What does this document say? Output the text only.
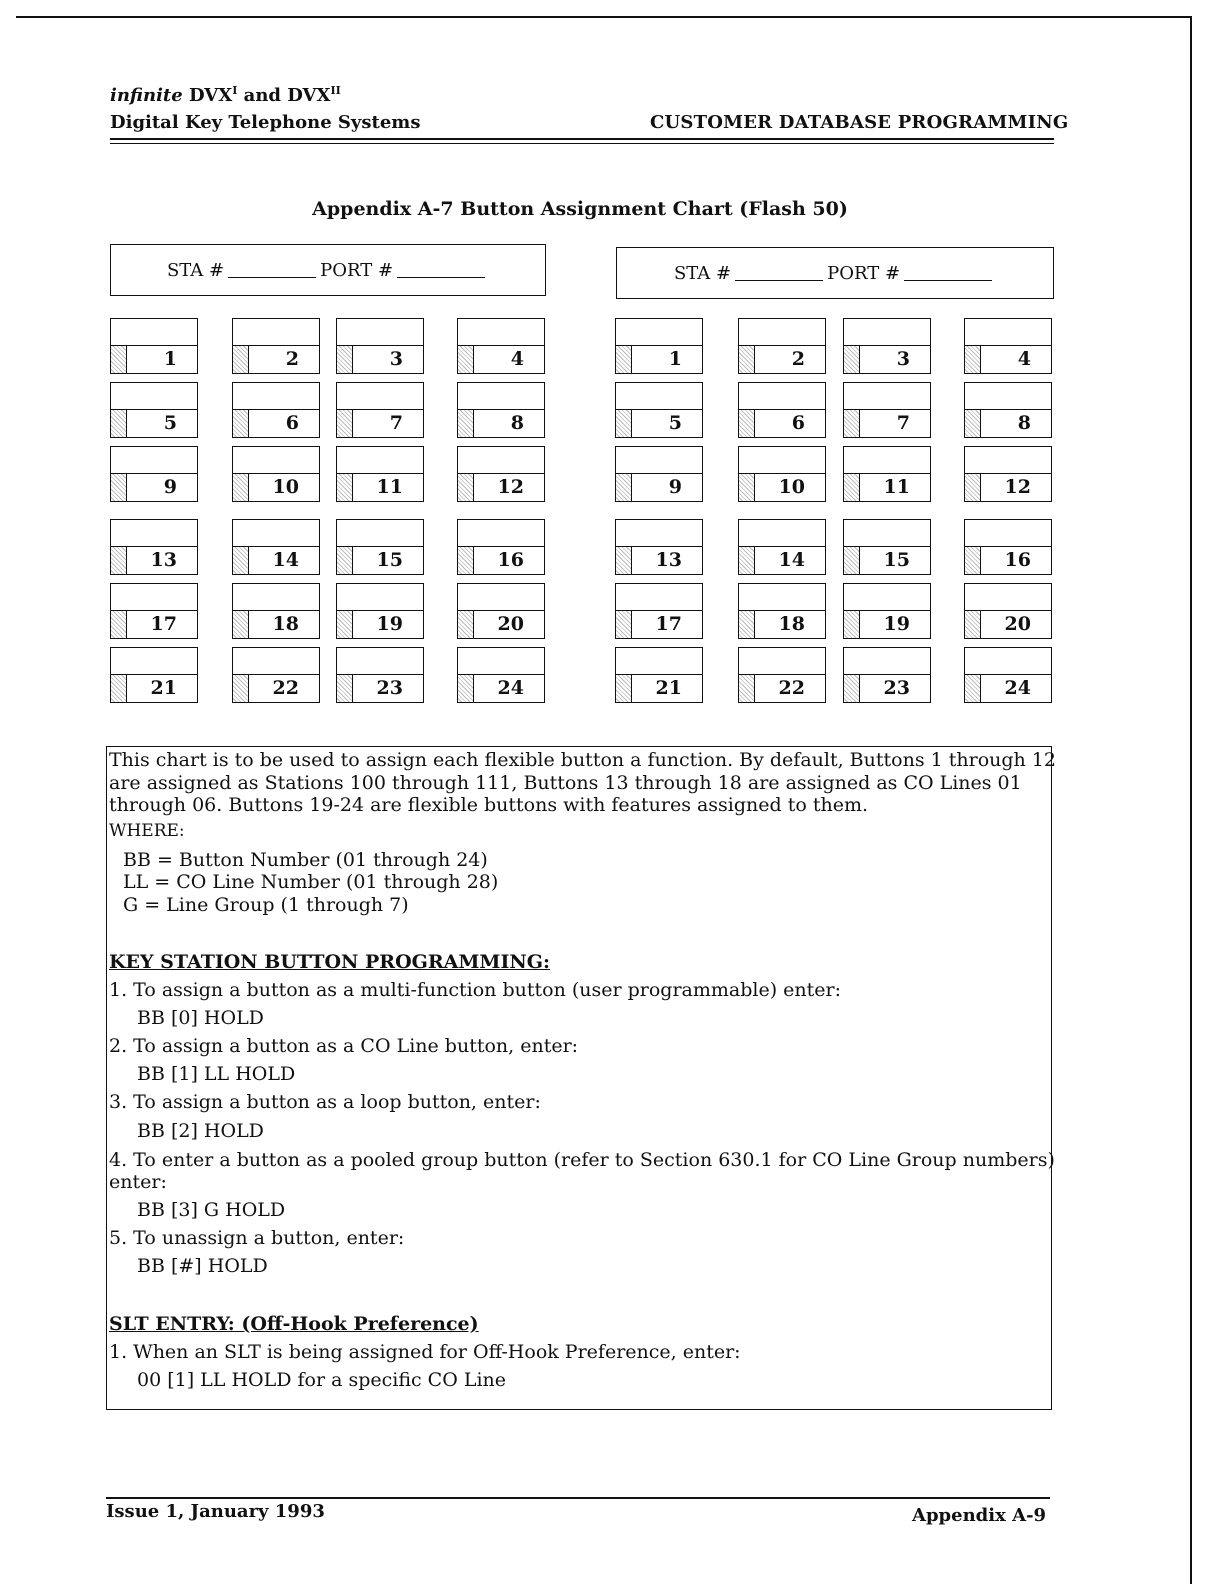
infinite $DVX^I$ and $DVX^{II}$
Digital Key Telephone Systems	CUSTOMER DATABASE PROGRAMMING
Appendix A-7 Button Assignment Chart (Flash 50)
STA #	PORT #	STA #	PORT #
1	2	3	4
5	6	7	8
9	10	11	12
13	14	15	16
17	18	19	20
21	22	23	24
1	2	3	4
5	6	7	8
9	10	11	12
13	14	15	16
17	18	19	20
21	22	23	24
This chart is to be used to assign each flexible button a function. By default, Buttons 1 through 12
are assigned as Stations 100 through 111, Buttons 13 through 18 are assigned as CO Lines 01
through 06. Buttons 19-24 are flexible buttons with features assigned to them.
WHERE:
BB = Button Number (01 through 24)
LL = CO Line Number (01 through 28)
G = Line Group (1 through 7)
KEY STATION BUTTON PROGRAMMING:
1. To assign a button as a multi-function button (user programmable) enter:
BB [0] HOLD
2. To assign a button as a CO Line button, enter:
BB [1] LL HOLD
3. To assign a button as a loop button, enter:
BB [2] HOLD
4. To enter a button as a pooled group button (refer to Section 630.1 for CO Line Group numbers)
enter:
BB [3] G HOLD
5. To unassign a button, enter:
BB [#] HOLD
SLT ENTRY: (Off-Hook Preference)
1. When an SLT is being assigned for Off-Hook Preference, enter:
00 [1] LL HOLD for a specific CO Line
Issue 1, January 1993	Appendix A-9
